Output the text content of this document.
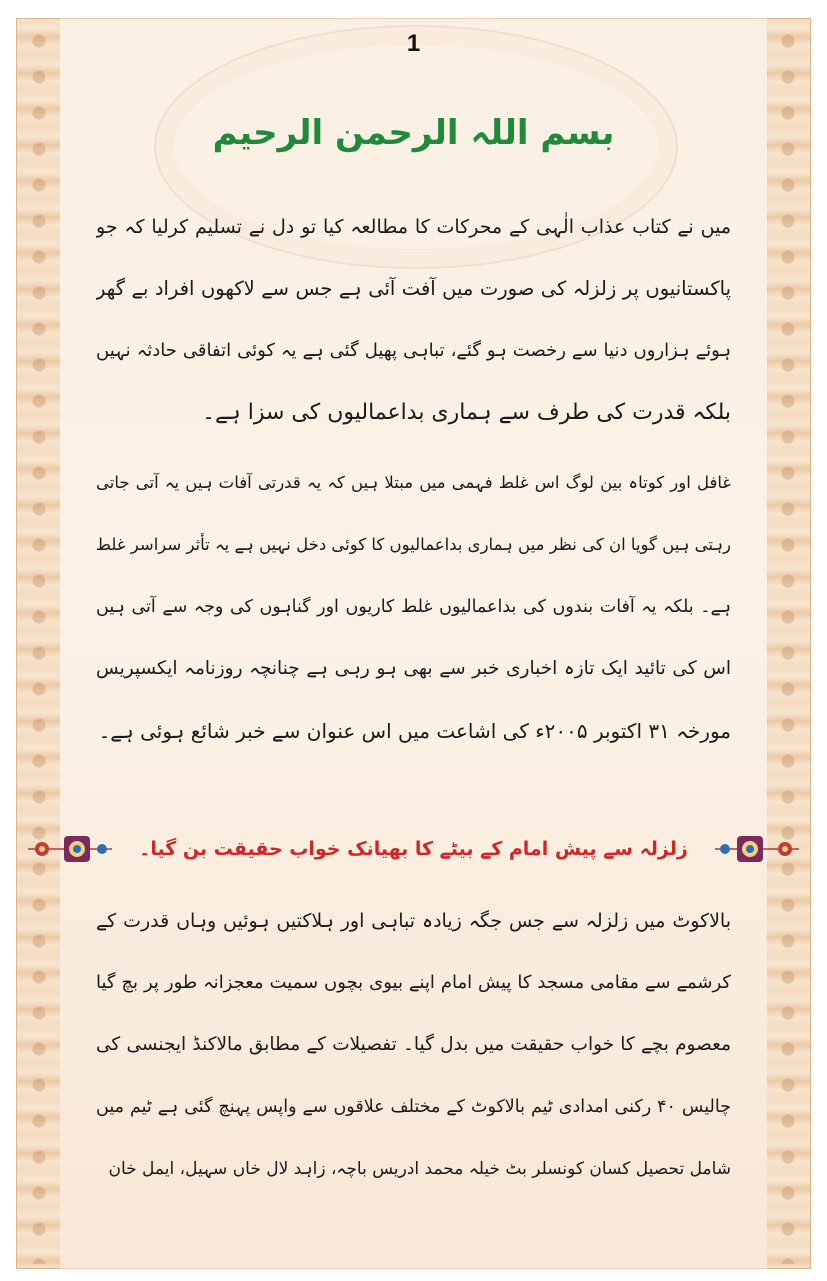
1
بسم اللہ الرحمن الرحیم
میں نے کتاب عذاب الٰہی کے محرکات کا مطالعہ کیا تو دل نے تسلیم کرلیا کہ جو
پاکستانیوں پر زلزلہ کی صورت میں آفت آئی ہے جس سے لاکھوں افراد بے گھر
ہوئے ہزاروں دنیا سے رخصت ہو گئے، تباہی پھیل گئی ہے یہ کوئی اتفاقی حادثہ نہیں
بلکہ قدرت کی طرف سے ہماری بداعمالیوں کی سزا ہے۔
غافل اور کوتاہ بین لوگ اس غلط فہمی میں مبتلا ہیں کہ یہ قدرتی آفات ہیں یہ آتی جاتی
رہتی ہیں گویا ان کی نظر میں ہماری بداعمالیوں کا کوئی دخل نہیں ہے یہ تأثر سراسر غلط
ہے۔ بلکہ یہ آفات بندوں کی بداعمالیوں غلط کاریوں اور گناہوں کی وجہ سے آتی ہیں
اس کی تائید ایک تازہ اخباری خبر سے بھی ہو رہی ہے چنانچہ روزنامہ ایکسپریس
مورخہ ۳۱ اکتوبر ۲۰۰۵ء کی اشاعت میں اس عنوان سے خبر شائع ہوئی ہے۔
زلزلہ سے پیش امام کے بیٹے کا بھیانک خواب حقیقت بن گیا۔
بالاکوٹ میں زلزلہ سے جس جگہ زیادہ تباہی اور ہلاکتیں ہوئیں وہاں قدرت کے
کرشمے سے مقامی مسجد کا پیش امام اپنے بیوی بچوں سمیت معجزانہ طور پر بچ گیا
معصوم بچے کا خواب حقیقت میں بدل گیا۔ تفصیلات کے مطابق مالاکنڈ ایجنسی کی
چالیس ۴۰ رکنی امدادی ٹیم بالاکوٹ کے مختلف علاقوں سے واپس پہنچ گئی ہے ٹیم میں
شامل تحصیل کسان کونسلر بٹ خیلہ محمد ادریس باچہ، زاہد لال خاں سہیل، ایمل خان
